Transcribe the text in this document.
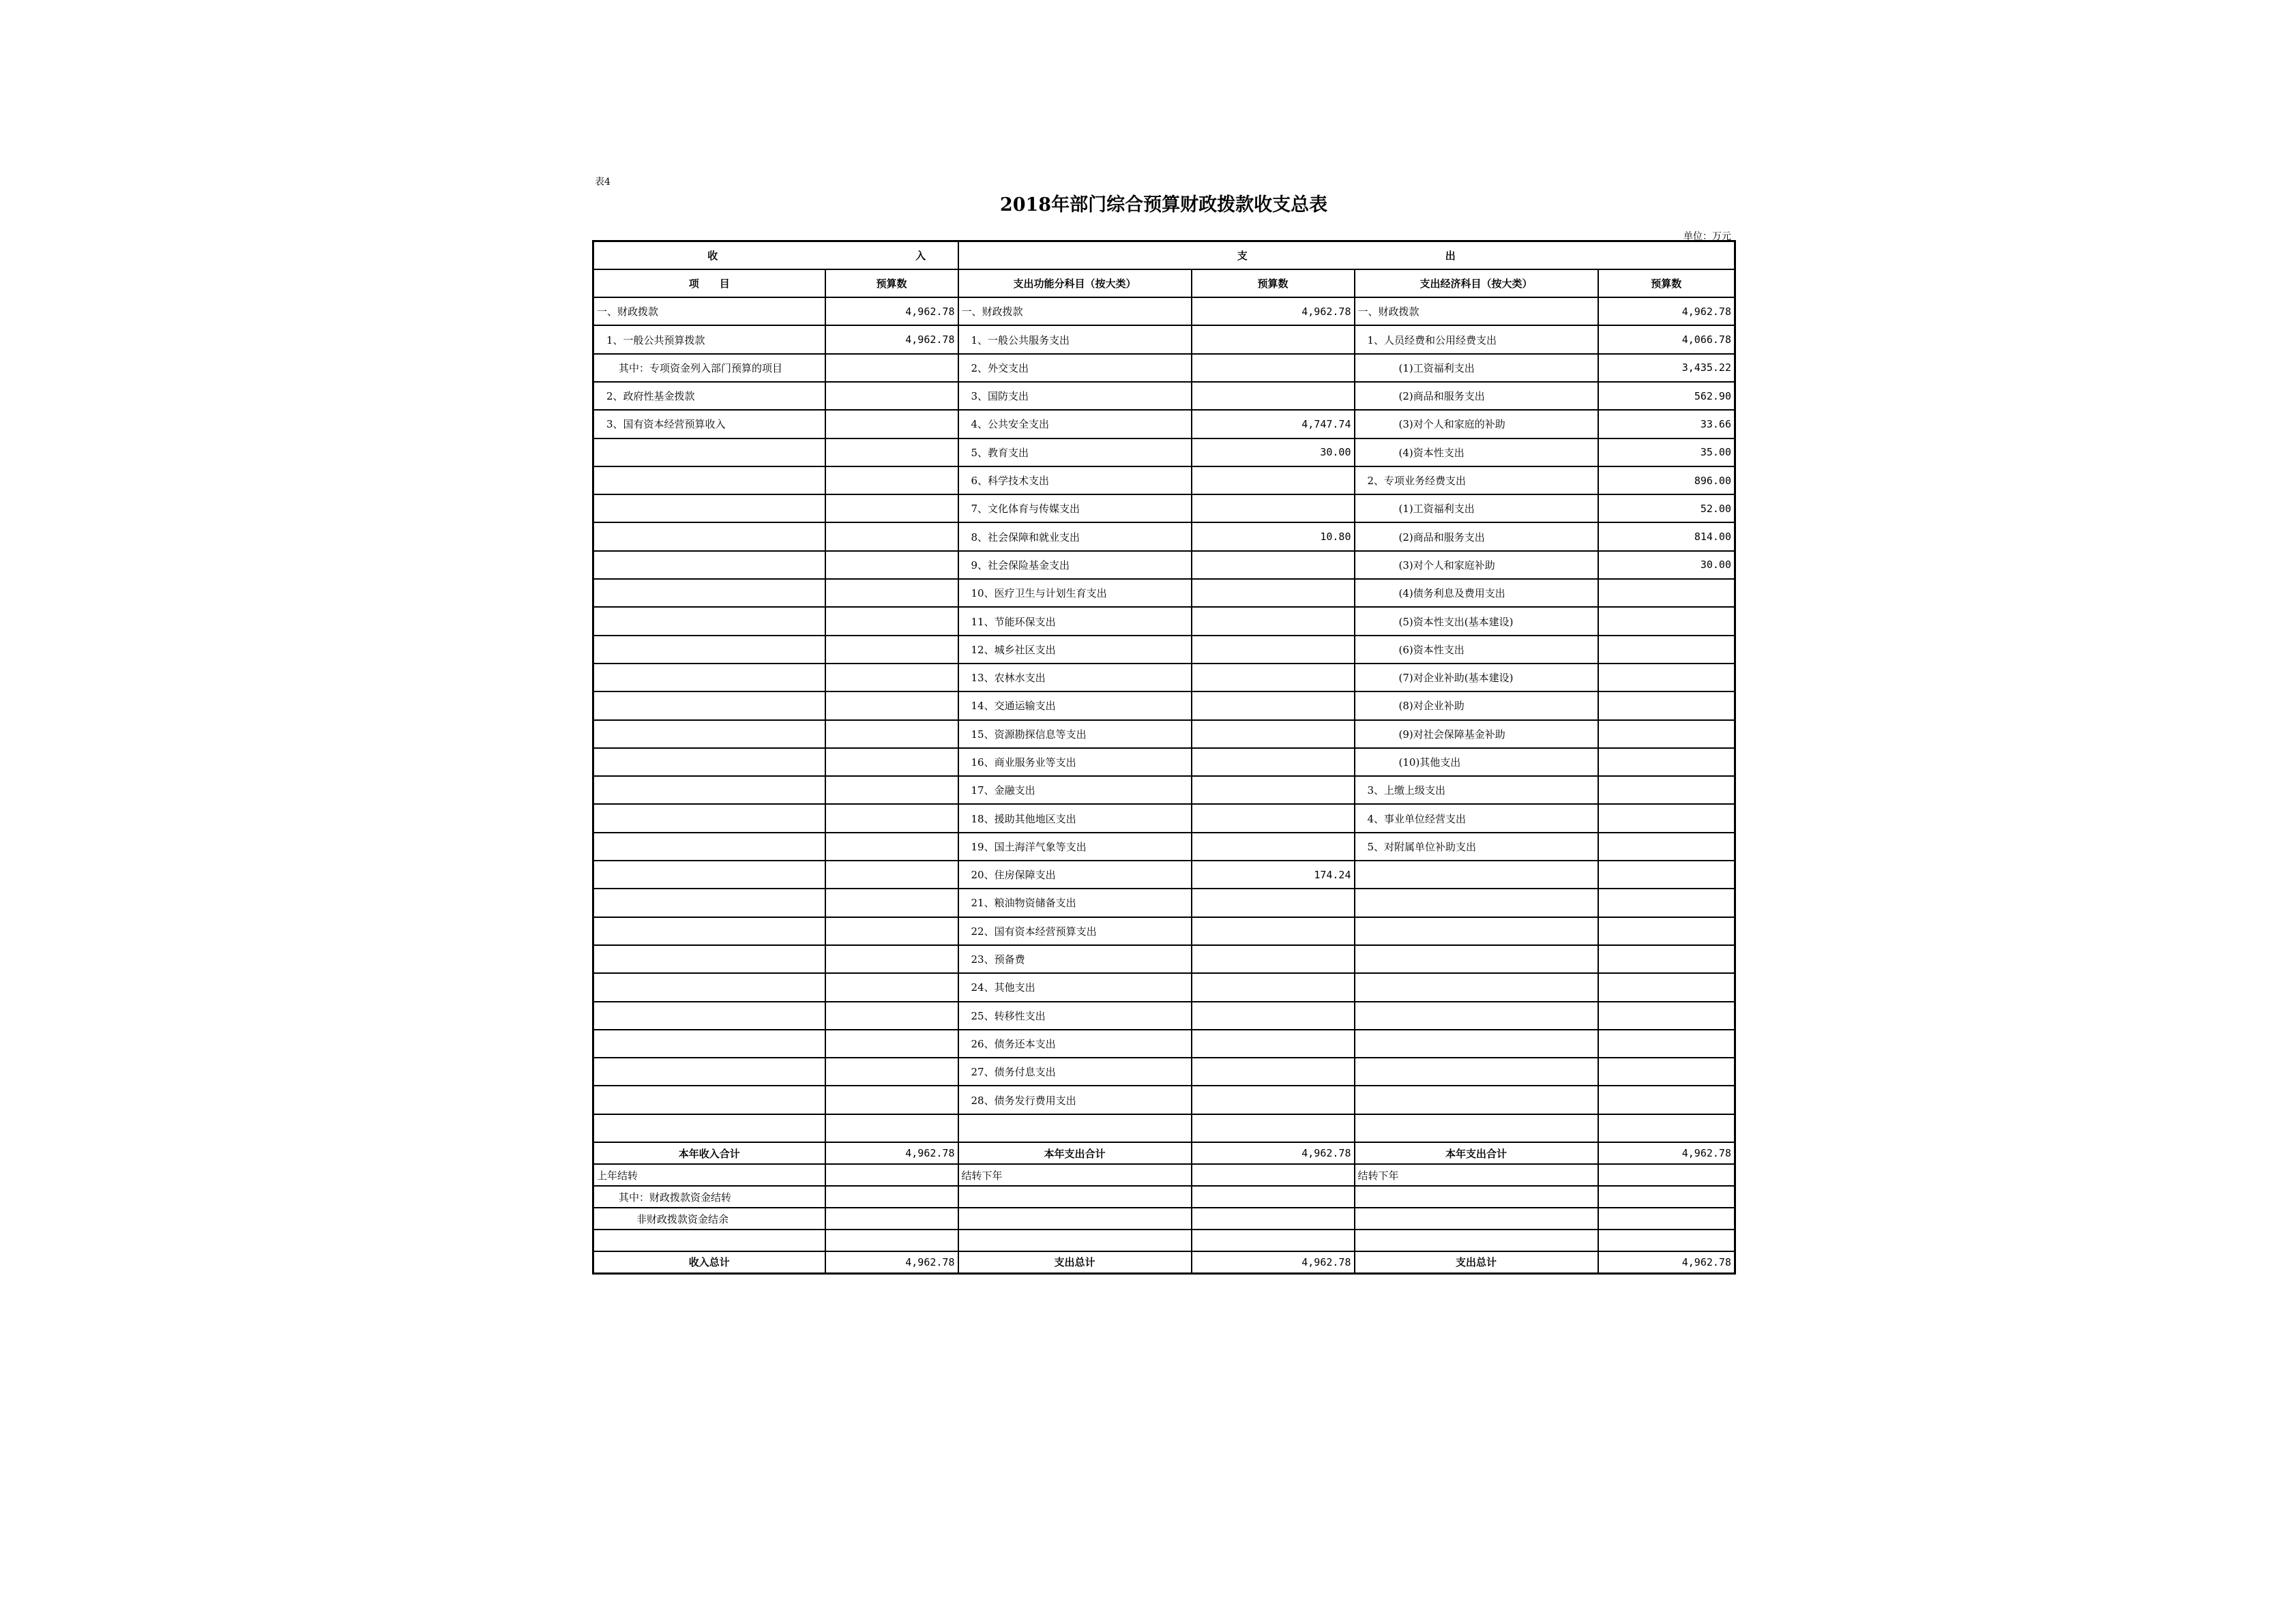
表4
2018年部门综合预算财政拨款收支总表
单位：万元
收 入		支 出			
项　　目	预算数	支出功能分科目（按大类）	预算数	支出经济科目（按大类）	预算数
一、财政拨款	4,962.78	一、财政拨款	4,962.78	一、财政拨款	4,962.78
1、一般公共预算拨款	4,962.78	1、一般公共服务支出		1、人员经费和公用经费支出	4,066.78
其中：专项资金列入部门预算的项目		2、外交支出		(1)工资福利支出	3,435.22
2、政府性基金拨款		3、国防支出		(2)商品和服务支出	562.90
3、国有资本经营预算收入		4、公共安全支出	4,747.74	(3)对个人和家庭的补助	33.66
		5、教育支出	30.00	(4)资本性支出	35.00
		6、科学技术支出		2、专项业务经费支出	896.00
		7、文化体育与传媒支出		(1)工资福利支出	52.00
		8、社会保障和就业支出	10.80	(2)商品和服务支出	814.00
		9、社会保险基金支出		(3)对个人和家庭补助	30.00
		10、医疗卫生与计划生育支出		(4)债务利息及费用支出	
		11、节能环保支出		(5)资本性支出(基本建设)	
		12、城乡社区支出		(6)资本性支出	
		13、农林水支出		(7)对企业补助(基本建设)	
		14、交通运输支出		(8)对企业补助	
		15、资源勘探信息等支出		(9)对社会保障基金补助	
		16、商业服务业等支出		(10)其他支出	
		17、金融支出		3、上缴上级支出	
		18、援助其他地区支出		4、事业单位经营支出	
		19、国土海洋气象等支出		5、对附属单位补助支出	
		20、住房保障支出	174.24		
		21、粮油物资储备支出			
		22、国有资本经营预算支出			
		23、预备费			
		24、其他支出			
		25、转移性支出			
		26、债务还本支出			
		27、债务付息支出			
		28、债务发行费用支出			

本年收入合计	4,962.78	本年支出合计	4,962.78	本年支出合计	4,962.78
上年结转		结转下年		结转下年	
其中：财政拨款资金结转					
非财政拨款资金结余					

收入总计	4,962.78	支出总计	4,962.78	支出总计	4,962.78
